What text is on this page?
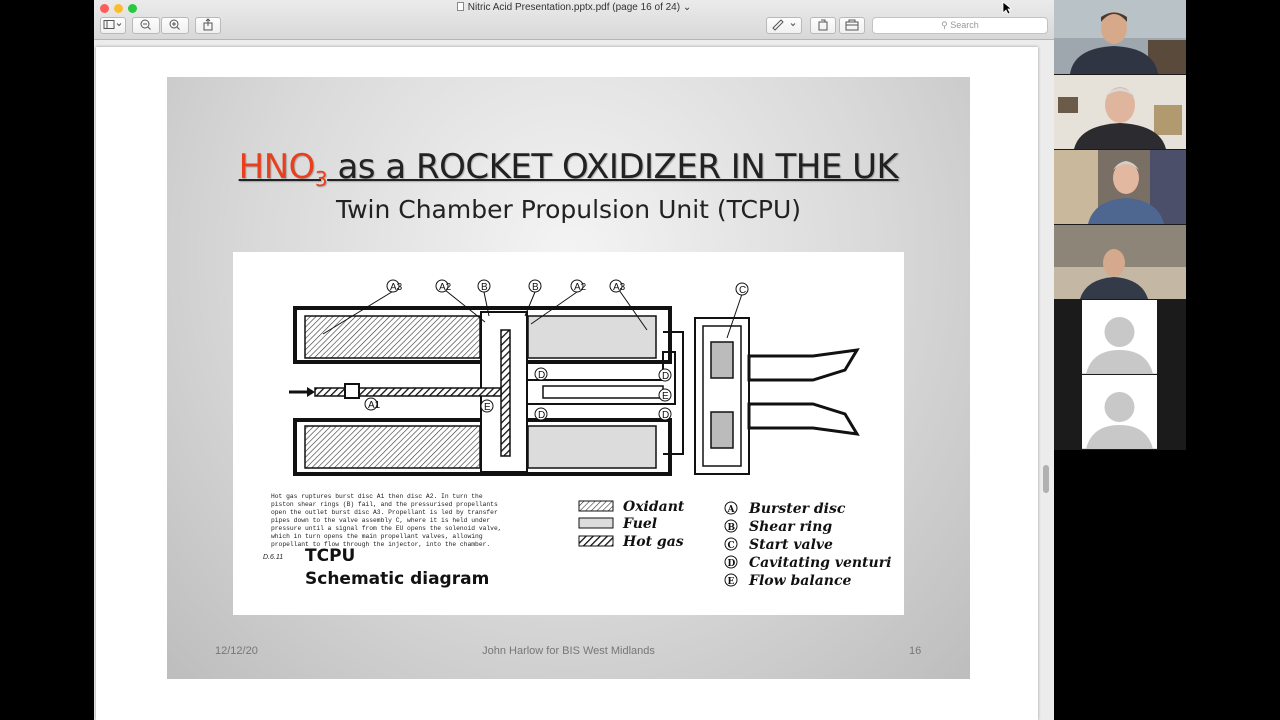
Nitric Acid Presentation.pptx.pdf (page 16 of 24) ⌄
⚲ Search
$HNO_3$ as a ROCKET OXIDIZER IN THE UK
Twin Chamber Propulsion Unit (TCPU)
A3	A2	B	B	A2	A3	C
D
D
D
D
E
E
A1
Hot gas ruptures burst disc A1 then disc A2. In turn the
piston shear rings (B) fail, and the pressurised propellants
open the outlet burst disc A3. Propellant is led by transfer
pipes down to the valve assembly C, where it is held under
pressure until a signal from the EU opens the solenoid valve,
which in turn opens the main propellant valves, allowing
propellant to flow through the injector, into the chamber.
D.6.11 TCPU
Schematic diagram
Oxidant
Fuel
Hot gas
A Burster disc
B Shear ring
C Start valve
D Cavitating venturi
E Flow balance
12/12/20	John Harlow for BIS West Midlands	16
